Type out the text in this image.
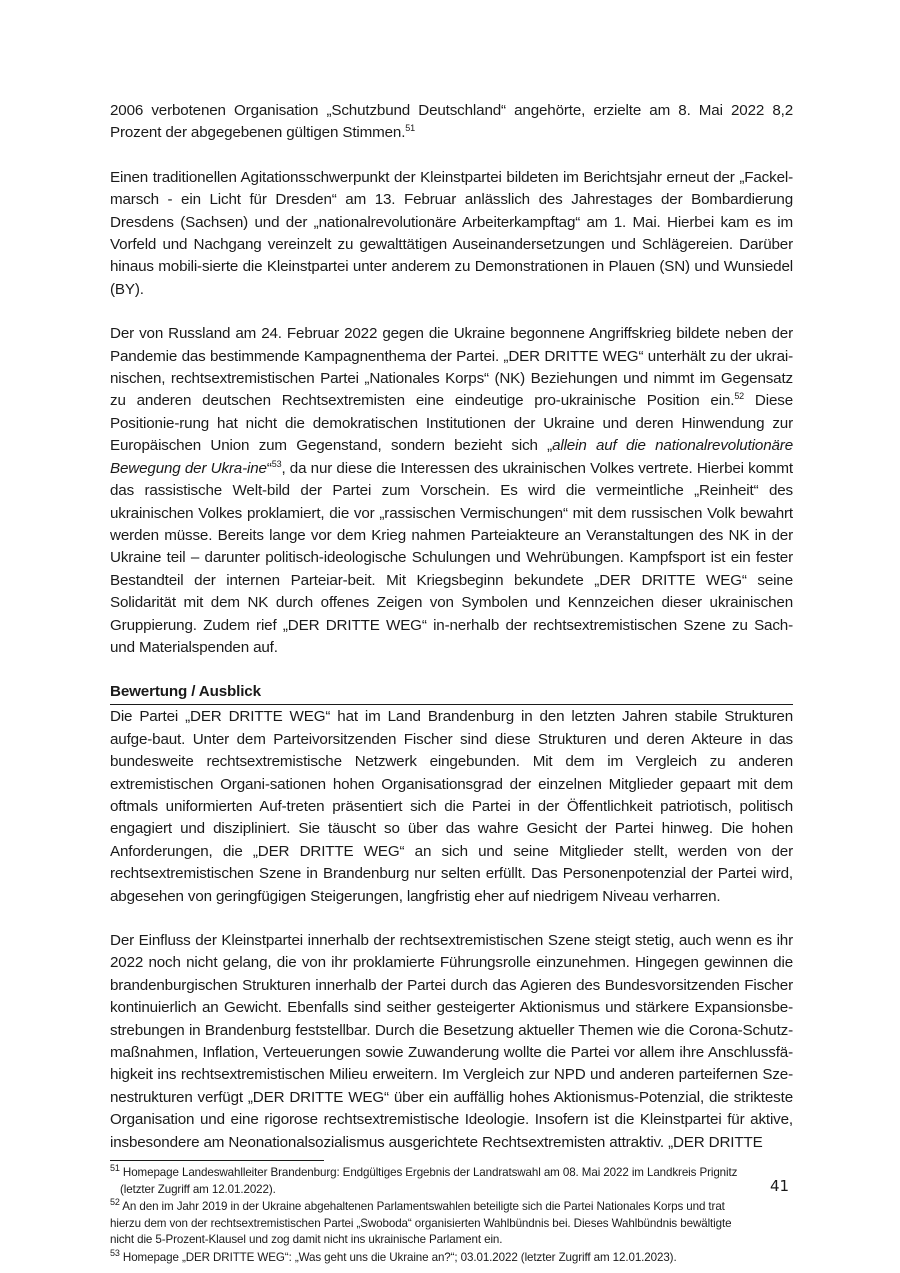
2006 verbotenen Organisation „Schutzbund Deutschland“ angehörte, erzielte am 8. Mai 2022 8,2 Prozent der abgegebenen gültigen Stimmen.$^{51}$

Einen traditionellen Agitationsschwerpunkt der Kleinstpartei bildeten im Berichtsjahr erneut der „Fackel-marsch - ein Licht für Dresden“ am 13. Februar anlässlich des Jahrestages der Bombardierung Dresdens (Sachsen) und der „nationalrevolutionäre Arbeiterkampftag“ am 1. Mai. Hierbei kam es im Vorfeld und Nachgang vereinzelt zu gewalttätigen Auseinandersetzungen und Schlägereien. Darüber hinaus mobili-sierte die Kleinstpartei unter anderem zu Demonstrationen in Plauen (SN) und Wunsiedel (BY).

Der von Russland am 24. Februar 2022 gegen die Ukraine begonnene Angriffskrieg bildete neben der Pandemie das bestimmende Kampagnenthema der Partei. „DER DRITTE WEG“ unterhält zu der ukrai-nischen, rechtsextremistischen Partei „Nationales Korps“ (NK) Beziehungen und nimmt im Gegensatz zu anderen deutschen Rechtsextremisten eine eindeutige pro-ukrainische Position ein.$^{52}$ Diese Positionie-rung hat nicht die demokratischen Institutionen der Ukraine und deren Hinwendung zur Europäischen Union zum Gegenstand, sondern bezieht sich „allein auf die nationalrevolutionäre Bewegung der Ukra-ine“$^{53}$, da nur diese die Interessen des ukrainischen Volkes vertrete. Hierbei kommt das rassistische Welt-bild der Partei zum Vorschein. Es wird die vermeintliche „Reinheit“ des ukrainischen Volkes proklamiert, die vor „rassischen Vermischungen“ mit dem russischen Volk bewahrt werden müsse. Bereits lange vor dem Krieg nahmen Parteiakteure an Veranstaltungen des NK in der Ukraine teil – darunter politisch-ideologische Schulungen und Wehrübungen. Kampfsport ist ein fester Bestandteil der internen Parteiar-beit. Mit Kriegsbeginn bekundete „DER DRITTE WEG“ seine Solidarität mit dem NK durch offenes Zeigen von Symbolen und Kennzeichen dieser ukrainischen Gruppierung. Zudem rief „DER DRITTE WEG“ in-nerhalb der rechtsextremistischen Szene zu Sach- und Materialspenden auf.

Bewertung / Ausblick

Die Partei „DER DRITTE WEG“ hat im Land Brandenburg in den letzten Jahren stabile Strukturen aufge-baut. Unter dem Parteivorsitzenden Fischer sind diese Strukturen und deren Akteure in das bundesweite rechtsextremistische Netzwerk eingebunden. Mit dem im Vergleich zu anderen extremistischen Organi-sationen hohen Organisationsgrad der einzelnen Mitglieder gepaart mit dem oftmals uniformierten Auf-treten präsentiert sich die Partei in der Öffentlichkeit patriotisch, politisch engagiert und diszipliniert. Sie täuscht so über das wahre Gesicht der Partei hinweg. Die hohen Anforderungen, die „DER DRITTE WEG“ an sich und seine Mitglieder stellt, werden von der rechtsextremistischen Szene in Brandenburg nur selten erfüllt. Das Personenpotenzial der Partei wird, abgesehen von geringfügigen Steigerungen, langfristig eher auf niedrigem Niveau verharren.

Der Einfluss der Kleinstpartei innerhalb der rechtsextremistischen Szene steigt stetig, auch wenn es ihr 2022 noch nicht gelang, die von ihr proklamierte Führungsrolle einzunehmen. Hingegen gewinnen die brandenburgischen Strukturen innerhalb der Partei durch das Agieren des Bundesvorsitzenden Fischer kontinuierlich an Gewicht. Ebenfalls sind seither gesteigerter Aktionismus und stärkere Expansionsbe-strebungen in Brandenburg feststellbar. Durch die Besetzung aktueller Themen wie die Corona-Schutz-maßnahmen, Inflation, Verteuerungen sowie Zuwanderung wollte die Partei vor allem ihre Anschlussfä-higkeit ins rechtsextremistischen Milieu erweitern. Im Vergleich zur NPD und anderen parteifernen Sze-nestrukturen verfügt „DER DRITTE WEG“ über ein auffällig hohes Aktionismus-Potenzial, die strikteste Organisation und eine rigorose rechtsextremistische Ideologie. Insofern ist die Kleinstpartei für aktive, insbesondere am Neonationalsozialismus ausgerichtete Rechtsextremisten attraktiv. „DER DRITTE

$^{51}$ Homepage Landeswahlleiter Brandenburg: Endgültiges Ergebnis der Landratswahl am 08. Mai 2022 im Landkreis Prignitz
(letzter Zugriff am 12.01.2022).
$^{52}$ An den im Jahr 2019 in der Ukraine abgehaltenen Parlamentswahlen beteiligte sich die Partei Nationales Korps und trat
hierzu dem von der rechtsextremistischen Partei „Swoboda“ organisierten Wahlbündnis bei. Dieses Wahlbündnis bewältigte
nicht die 5-Prozent-Klausel und zog damit nicht ins ukrainische Parlament ein.
$^{53}$ Homepage „DER DRITTE WEG“: „Was geht uns die Ukraine an?“; 03.01.2022 (letzter Zugriff am 12.01.2023).
41
